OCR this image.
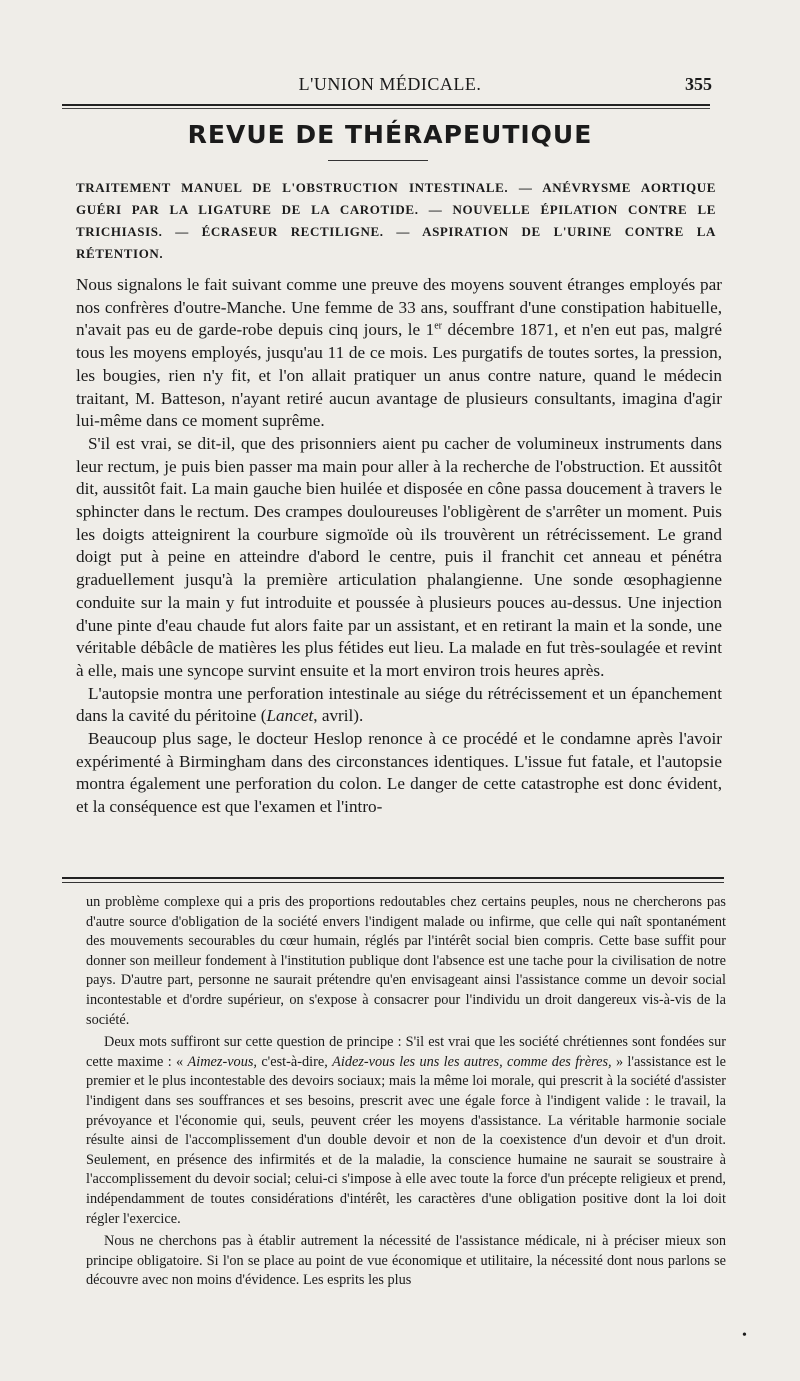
L'UNION MÉDICALE.	355
REVUE DE THÉRAPEUTIQUE
TRAITEMENT MANUEL DE L'OBSTRUCTION INTESTINALE. — ANÉVRYSME AORTIQUE GUÉRI PAR LA LIGATURE DE LA CAROTIDE. — NOUVELLE ÉPILATION CONTRE LE TRICHIASIS. — ÉCRASEUR RECTILIGNE. — ASPIRATION DE L'URINE CONTRE LA RÉTENTION.

Nous signalons le fait suivant comme une preuve des moyens souvent étranges employés par nos confrères d'outre-Manche. Une femme de 33 ans, souffrant d'une constipation habituelle, n'avait pas eu de garde-robe depuis cinq jours, le 1er décembre 1871, et n'en eut pas, malgré tous les moyens employés, jusqu'au 11 de ce mois. Les purgatifs de toutes sortes, la pression, les bougies, rien n'y fit, et l'on allait pratiquer un anus contre nature, quand le médecin traitant, M. Batteson, n'ayant retiré aucun avantage de plusieurs consultants, imagina d'agir lui-même dans ce moment suprême.

S'il est vrai, se dit-il, que des prisonniers aient pu cacher de volumineux instruments dans leur rectum, je puis bien passer ma main pour aller à la recherche de l'obstruction. Et aussitôt dit, aussitôt fait. La main gauche bien huilée et disposée en cône passa doucement à travers le sphincter dans le rectum. Des crampes douloureuses l'obligèrent de s'arrêter un moment. Puis les doigts atteignirent la courbure sigmoïde où ils trouvèrent un rétrécissement. Le grand doigt put à peine en atteindre d'abord le centre, puis il franchit cet anneau et pénétra graduellement jusqu'à la première articulation phalangienne. Une sonde œsophagienne conduite sur la main y fut introduite et poussée à plusieurs pouces au-dessus. Une injection d'une pinte d'eau chaude fut alors faite par un assistant, et en retirant la main et la sonde, une véritable débâcle de matières les plus fétides eut lieu. La malade en fut très-soulagée et revint à elle, mais une syncope survint ensuite et la mort environ trois heures après.

L'autopsie montra une perforation intestinale au siége du rétrécissement et un épanchement dans la cavité du péritoine (Lancet, avril).

Beaucoup plus sage, le docteur Heslop renonce à ce procédé et le condamne après l'avoir expérimenté à Birmingham dans des circonstances identiques. L'issue fut fatale, et l'autopsie montra également une perforation du colon. Le danger de cette catastrophe est donc évident, et la conséquence est que l'examen et l'intro-

un problème complexe qui a pris des proportions redoutables chez certains peuples, nous ne chercherons pas d'autre source d'obligation de la société envers l'indigent malade ou infirme, que celle qui naît spontanément des mouvements secourables du cœur humain, réglés par l'intérêt social bien compris. Cette base suffit pour donner son meilleur fondement à l'institution publique dont l'absence est une tache pour la civilisation de notre pays. D'autre part, personne ne saurait prétendre qu'en envisageant ainsi l'assistance comme un devoir social incontestable et d'ordre supérieur, on s'expose à consacrer pour l'individu un droit dangereux vis-à-vis de la société.

Deux mots suffiront sur cette question de principe : S'il est vrai que les société chrétiennes sont fondées sur cette maxime : « Aimez-vous, c'est-à-dire, Aidez-vous les uns les autres, comme des frères, » l'assistance est le premier et le plus incontestable des devoirs sociaux; mais la même loi morale, qui prescrit à la société d'assister l'indigent dans ses souffrances et ses besoins, prescrit avec une égale force à l'indigent valide : le travail, la prévoyance et l'économie qui, seuls, peuvent créer les moyens d'assistance. La véritable harmonie sociale résulte ainsi de l'accomplissement d'un double devoir et non de la coexistence d'un devoir et d'un droit. Seulement, en présence des infirmités et de la maladie, la conscience humaine ne saurait se soustraire à l'accomplissement du devoir social; celui-ci s'impose à elle avec toute la force d'un précepte religieux et prend, indépendamment de toutes considérations d'intérêt, les caractères d'une obligation positive dont la loi doit régler l'exercice.

Nous ne cherchons pas à établir autrement la nécessité de l'assistance médicale, ni à préciser mieux son principe obligatoire. Si l'on se place au point de vue économique et utilitaire, la nécessité dont nous parlons se découvre avec non moins d'évidence. Les esprits les plus

•
